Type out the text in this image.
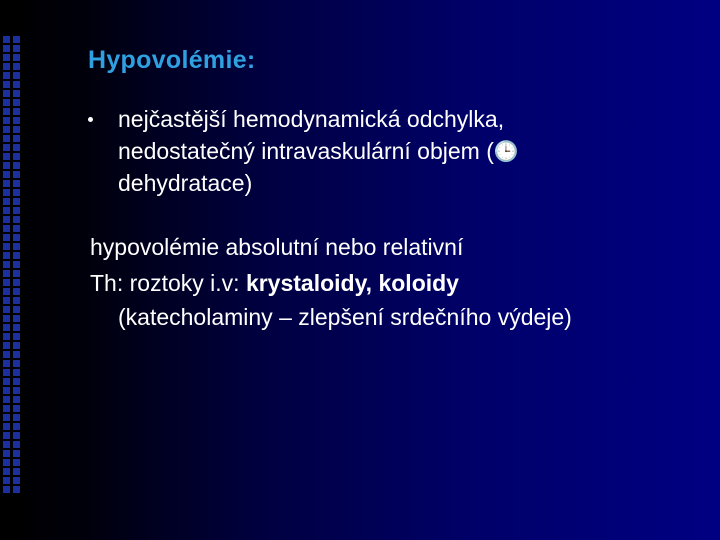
Hypovolémie:
nejčastější hemodynamická odchylka,
nedostatečný intravaskulární objem (🕒
dehydratace)
hypovolémie absolutní nebo relativní
Th: roztoky i.v: krystaloidy, koloidy
(katecholaminy – zlepšení srdečního výdeje)
